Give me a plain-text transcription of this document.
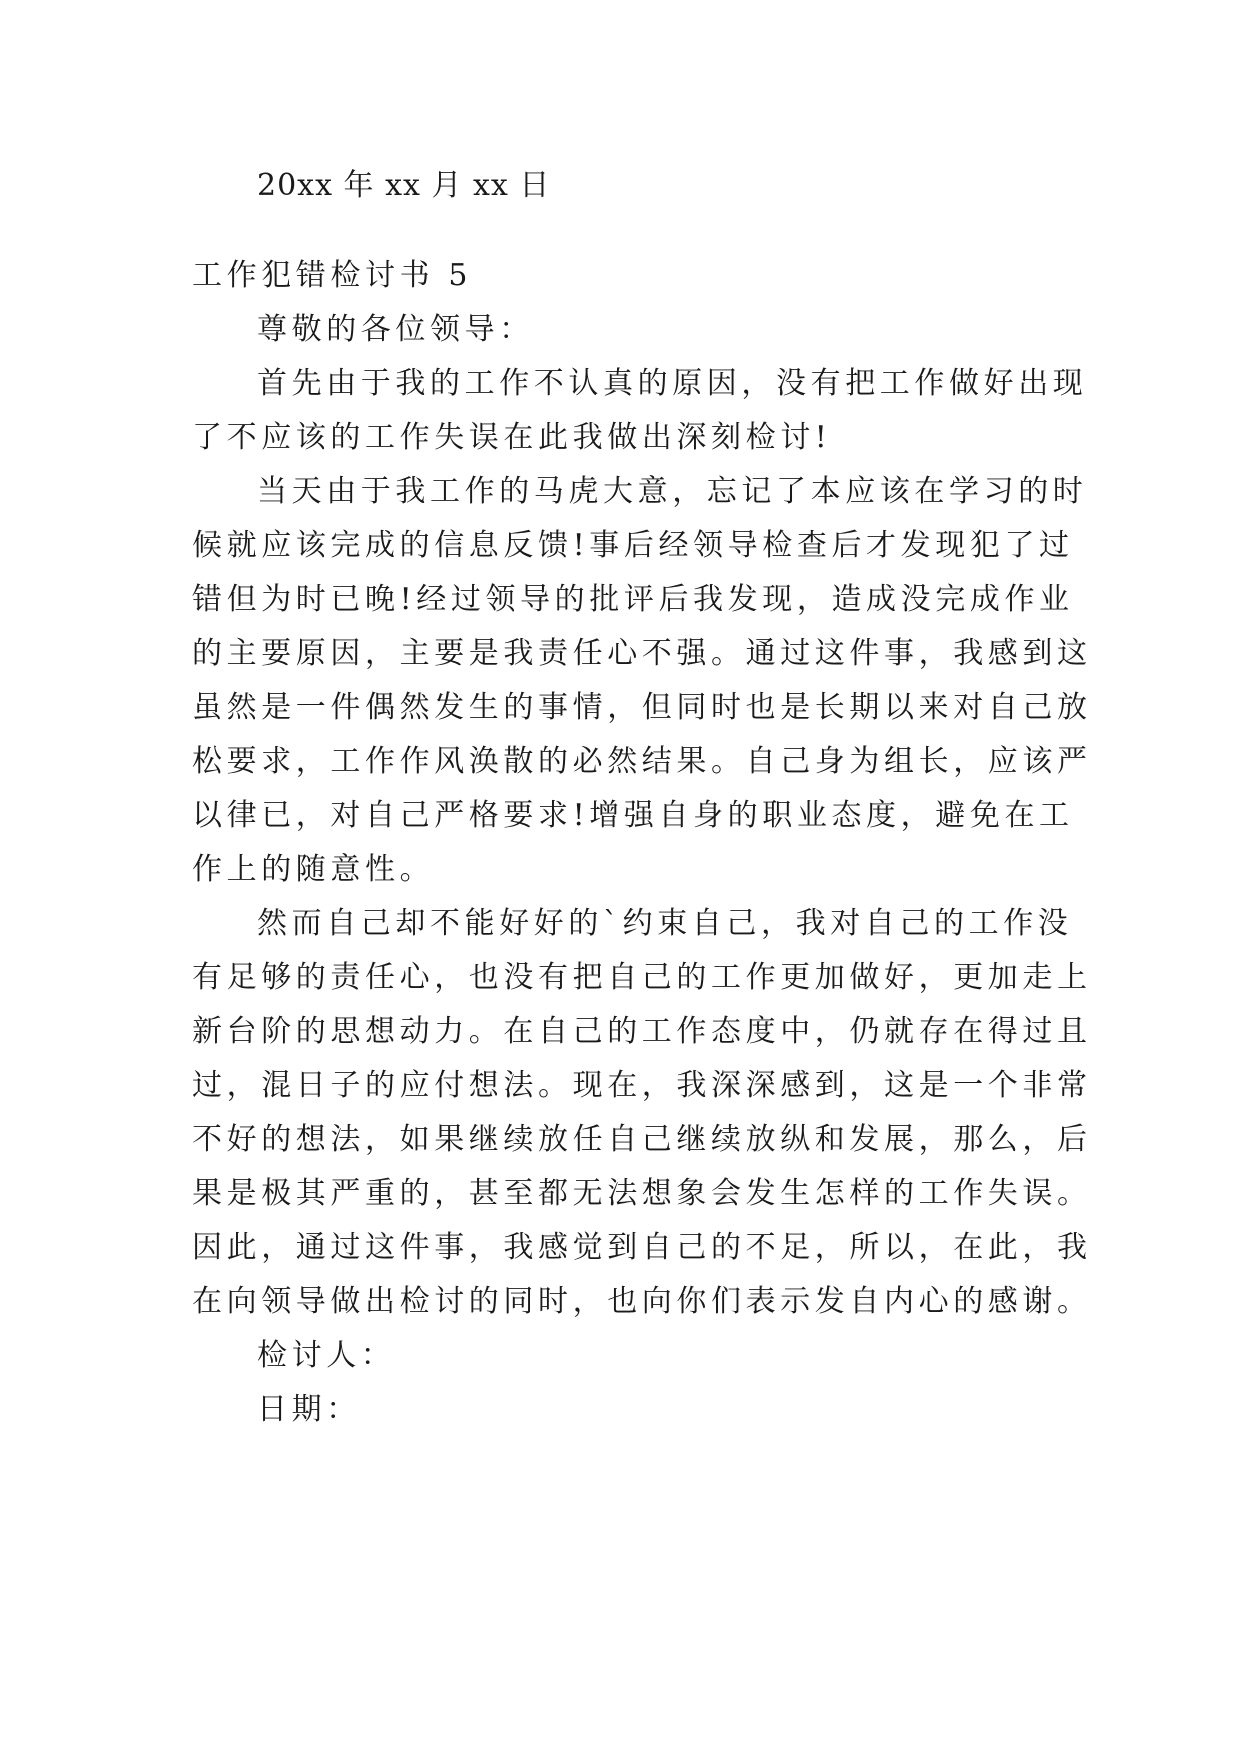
20xx 年 xx 月 xx 日
工作犯错检讨书 5
尊敬的各位领导：
首先由于我的工作不认真的原因，没有把工作做好出现
了不应该的工作失误在此我做出深刻检讨!
当天由于我工作的马虎大意，忘记了本应该在学习的时
候就应该完成的信息反馈!事后经领导检查后才发现犯了过
错但为时已晚!经过领导的批评后我发现，造成没完成作业
的主要原因，主要是我责任心不强。通过这件事，我感到这
虽然是一件偶然发生的事情，但同时也是长期以来对自己放
松要求，工作作风涣散的必然结果。自己身为组长，应该严
以律已，对自己严格要求!增强自身的职业态度，避免在工
作上的随意性。
然而自己却不能好好的`约束自己，我对自己的工作没
有足够的责任心，也没有把自己的工作更加做好，更加走上
新台阶的思想动力。在自己的工作态度中，仍就存在得过且
过，混日子的应付想法。现在，我深深感到，这是一个非常
不好的想法，如果继续放任自己继续放纵和发展，那么，后
果是极其严重的，甚至都无法想象会发生怎样的工作失误。
因此，通过这件事，我感觉到自己的不足，所以，在此，我
在向领导做出检讨的同时，也向你们表示发自内心的感谢。
检讨人：
日期：
